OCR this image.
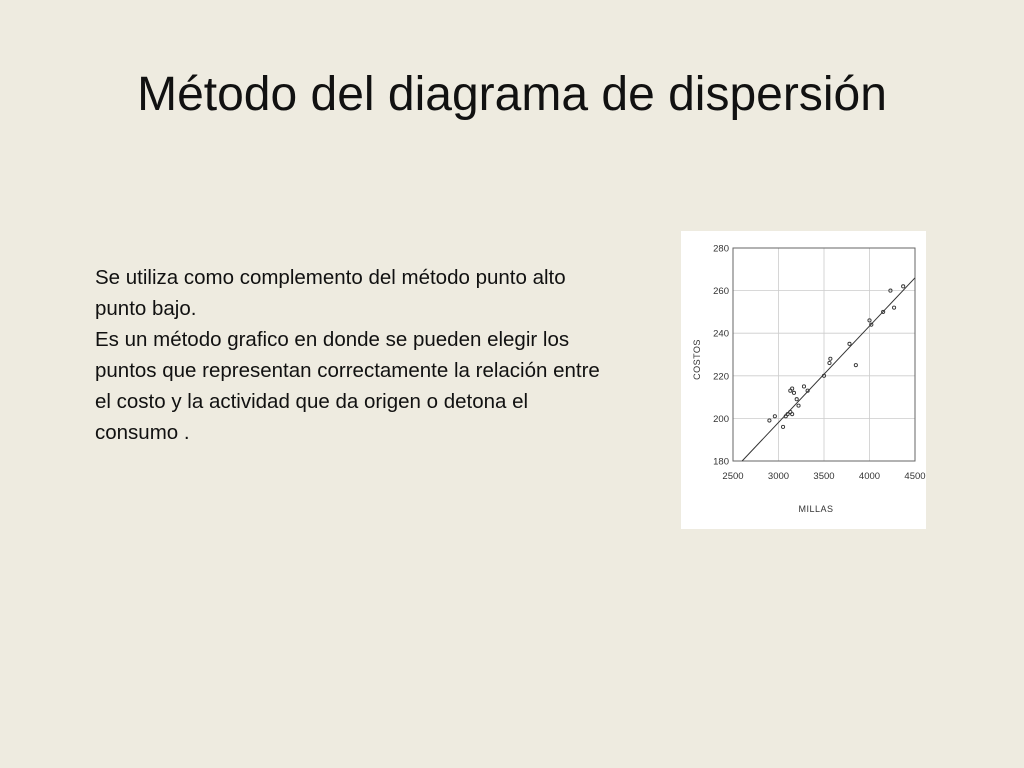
Método del diagrama de dispersión

Se utiliza como complemento del método punto alto punto bajo.

Es un método grafico en donde se pueden elegir los puntos que representan correctamente la relación entre el costo y la actividad que da origen o detona el consumo .

2500	3000	3500	4000	4500
180
200
220
240
260
280
MILLAS
COSTOS
